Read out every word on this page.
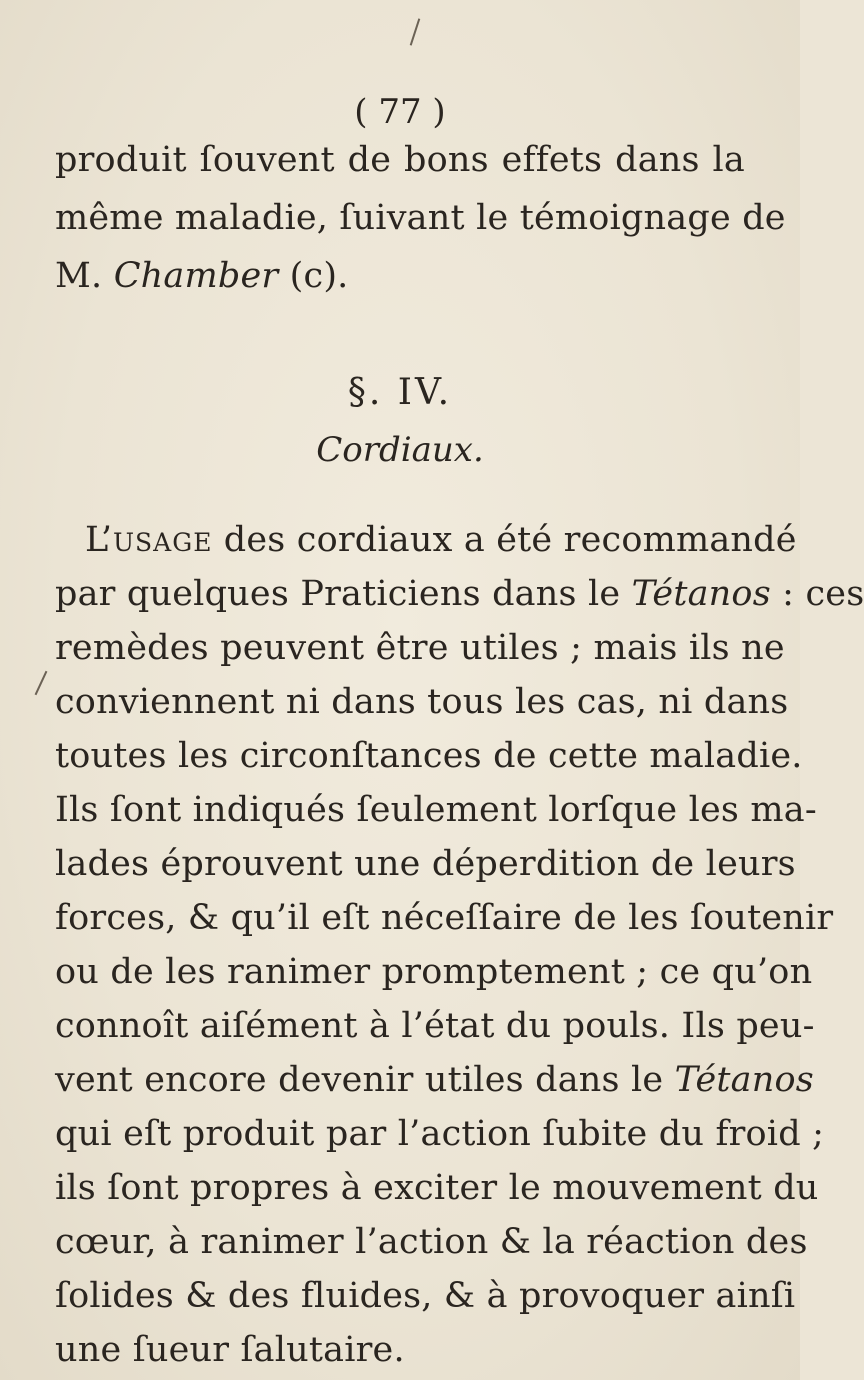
( 77 )
produit ſouvent de bons effets dans la
même maladie, ſuivant le témoignage de
M. Chamber (c).
§. IV.
Cordiaux.
L’usage des cordiaux a été recommandé
par quelques Praticiens dans le Tétanos : ces
remèdes peuvent être utiles ; mais ils ne
conviennent ni dans tous les cas, ni dans
toutes les circonſtances de cette maladie.
Ils ſont indiqués ſeulement lorſque les ma-
lades éprouvent une déperdition de leurs
forces, & qu’il eſt néceſſaire de les ſoutenir
ou de les ranimer promptement ; ce qu’on
connoît aiſément à l’état du pouls. Ils peu-
vent encore devenir utiles dans le Tétanos
qui eſt produit par l’action ſubite du froid ;
ils ſont propres à exciter le mouvement du
cœur, à ranimer l’action & la réaction des
ſolides & des fluides, & à provoquer ainſi
une ſueur ſalutaire.
